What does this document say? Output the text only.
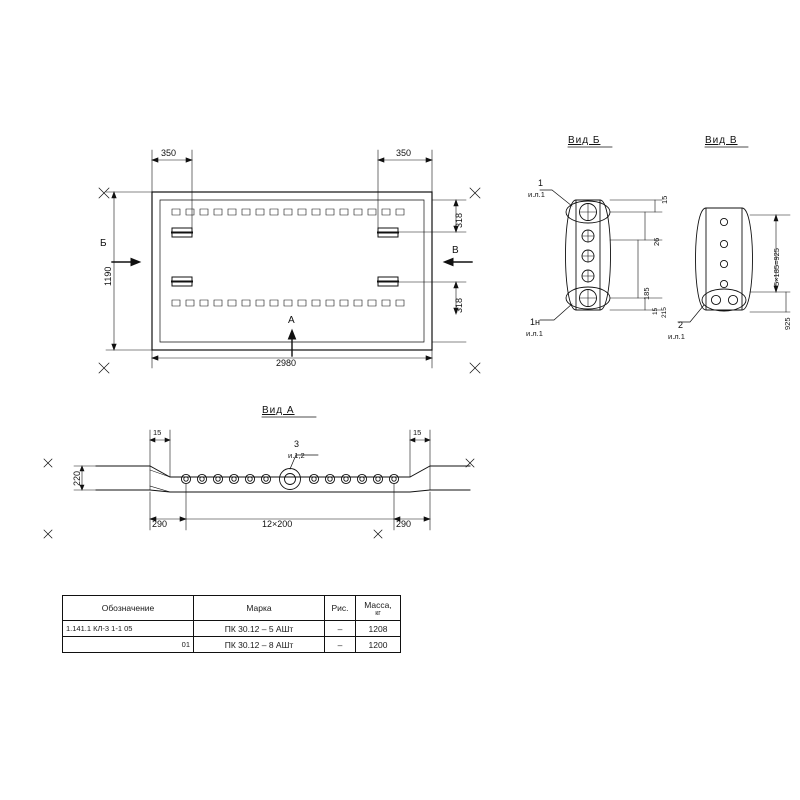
350	350
1190
2980
318
318
Б
В
А
Вид А
15	15
3
и.1,2
290	12×200	290
220
Вид Б
1
и.л.1
1н
и.л.1
15
26
185
15 215
Вид В
2
и.л.1
5×185=925
925
Обозначение	Марка	Рис.	Масса,
кг

1.141.1 КЛ-3 1-1 05	ПК 30.12 – 5 АШт	–	1208
01	ПК 30.12 – 8 АШт	–	1200
